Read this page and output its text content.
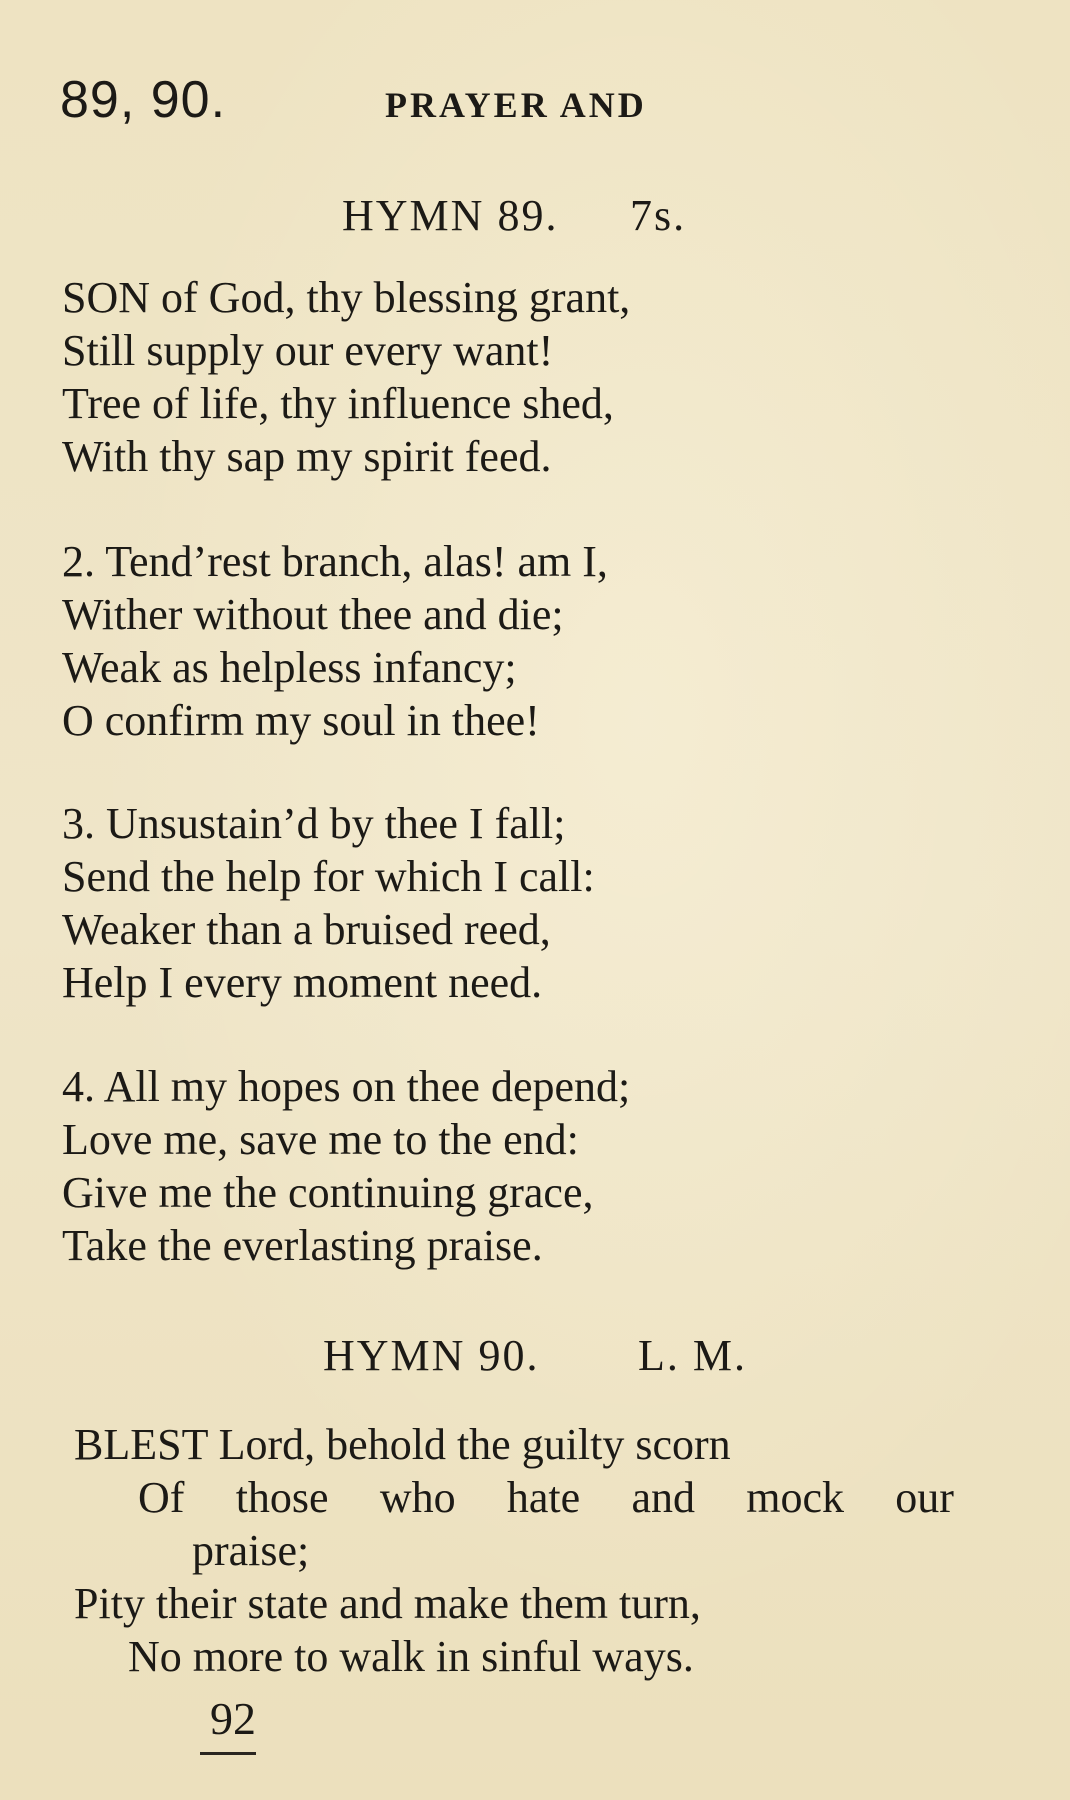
89, 90.	PRAYER AND
HYMN 89. 7s.
SON of God, thy blessing grant,
Still supply our every want!
Tree of life, thy influence shed,
With thy sap my spirit feed.
2. Tend’rest branch, alas! am I,
Wither without thee and die;
Weak as helpless infancy;
O confirm my soul in thee!
3. Unsustain’d by thee I fall;
Send the help for which I call:
Weaker than a bruised reed,
Help I every moment need.
4. All my hopes on thee depend;
Love me, save me to the end:
Give me the continuing grace,
Take the everlasting praise.
HYMN 90. L. M.
BLEST Lord, behold the guilty scorn
Of those who hate and mock our
praise;
Pity their state and make them turn,
No more to walk in sinful ways.
92
